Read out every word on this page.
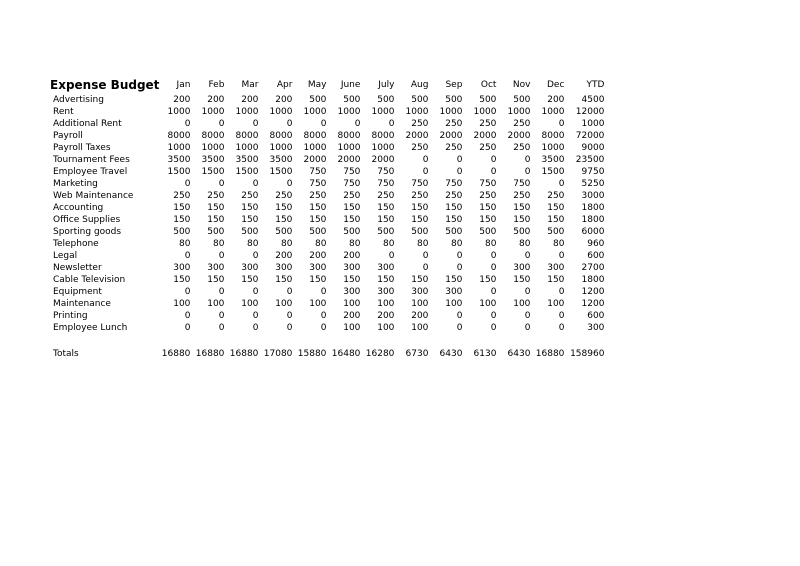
Expense Budget	Jan	Feb	Mar	Apr	May	June	July	Aug	Sep	Oct	Nov	Dec	YTD
Advertising	200	200	200	200	500	500	500	500	500	500	500	200	4500
Rent	1000	1000	1000	1000	1000	1000	1000	1000	1000	1000	1000	1000	12000
Additional Rent	0	0	0	0	0	0	0	250	250	250	250	0	1000
Payroll	8000	8000	8000	8000	8000	8000	8000	2000	2000	2000	2000	8000	72000
Payroll Taxes	1000	1000	1000	1000	1000	1000	1000	250	250	250	250	1000	9000
Tournament Fees	3500	3500	3500	3500	2000	2000	2000	0	0	0	0	3500	23500
Employee Travel	1500	1500	1500	1500	750	750	750	0	0	0	0	1500	9750
Marketing	0	0	0	0	750	750	750	750	750	750	750	0	5250
Web Maintenance	250	250	250	250	250	250	250	250	250	250	250	250	3000
Accounting	150	150	150	150	150	150	150	150	150	150	150	150	1800
Office Supplies	150	150	150	150	150	150	150	150	150	150	150	150	1800
Sporting goods	500	500	500	500	500	500	500	500	500	500	500	500	6000
Telephone	80	80	80	80	80	80	80	80	80	80	80	80	960
Legal	0	0	0	200	200	200	0	0	0	0	0	0	600
Newsletter	300	300	300	300	300	300	300	0	0	0	300	300	2700
Cable Television	150	150	150	150	150	150	150	150	150	150	150	150	1800
Equipment	0	0	0	0	0	300	300	300	300	0	0	0	1200
Maintenance	100	100	100	100	100	100	100	100	100	100	100	100	1200
Printing	0	0	0	0	0	200	200	200	0	0	0	0	600
Employee Lunch	0	0	0	0	0	100	100	100	0	0	0	0	300

Totals	16880	16880	16880	17080	15880	16480	16280	6730	6430	6130	6430	16880	158960
